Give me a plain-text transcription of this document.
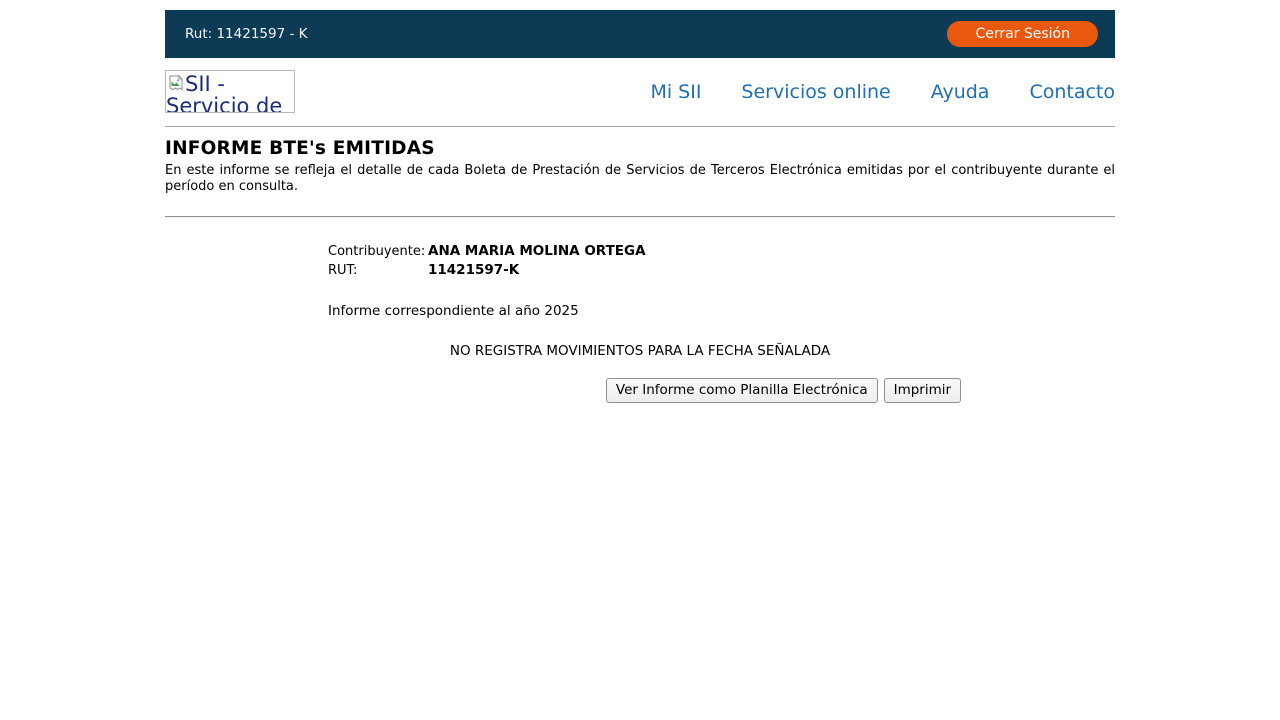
Rut: 11421597 - K	Cerrar Sesión
SII - Servicio de
Mi SII Servicios online Ayuda Contacto
INFORME BTE's EMITIDAS

En este informe se refleja el detalle de cada Boleta de Prestación de Servicios de Terceros Electrónica emitidas por el contribuyente durante el período en consulta.

Contribuyente: ANA MARIA MOLINA ORTEGA
RUT:	11421597-K

Informe correspondiente al año 2025

NO REGISTRA MOVIMIENTOS PARA LA FECHA SEÑALADA

Ver Informe como Planilla Electrónica	Imprimir
